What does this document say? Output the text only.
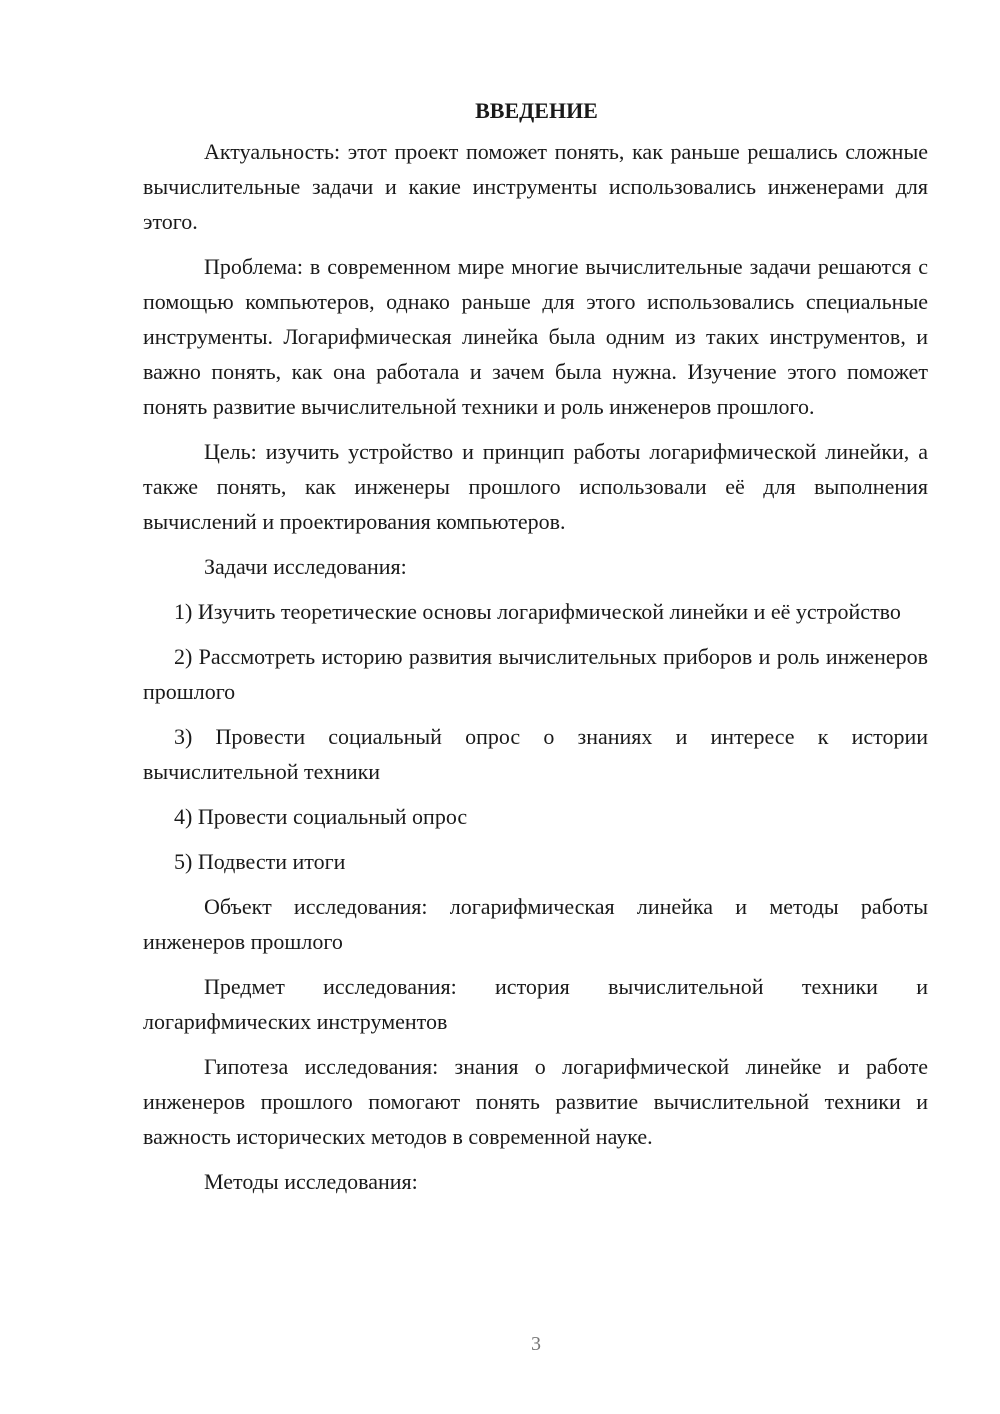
ВВЕДЕНИЕ

Актуальность: этот проект поможет понять, как раньше решались сложные вычислительные задачи и какие инструменты использовались инженерами для этого.

Проблема: в современном мире многие вычислительные задачи решаются с помощью компьютеров, однако раньше для этого использовались специальные инструменты. Логарифмическая линейка была одним из таких инструментов, и важно понять, как она работала и зачем была нужна. Изучение этого поможет понять развитие вычислительной техники и роль инженеров прошлого.

Цель: изучить устройство и принцип работы логарифмической линейки, а также понять, как инженеры прошлого использовали её для выполнения вычислений и проектирования компьютеров.

Задачи исследования:

1) Изучить теоретические основы логарифмической линейки и её устройство

2) Рассмотреть историю развития вычислительных приборов и роль инженеров прошлого

3) Провести социальный опрос о знаниях и интересе к истории вычислительной техники

4) Провести социальный опрос

5) Подвести итоги

Объект исследования: логарифмическая линейка и методы работы инженеров прошлого

Предмет исследования: история вычислительной техники и логарифмических инструментов

Гипотеза исследования: знания о логарифмической линейке и работе инженеров прошлого помогают понять развитие вычислительной техники и важность исторических методов в современной науке.

Методы исследования:

3
